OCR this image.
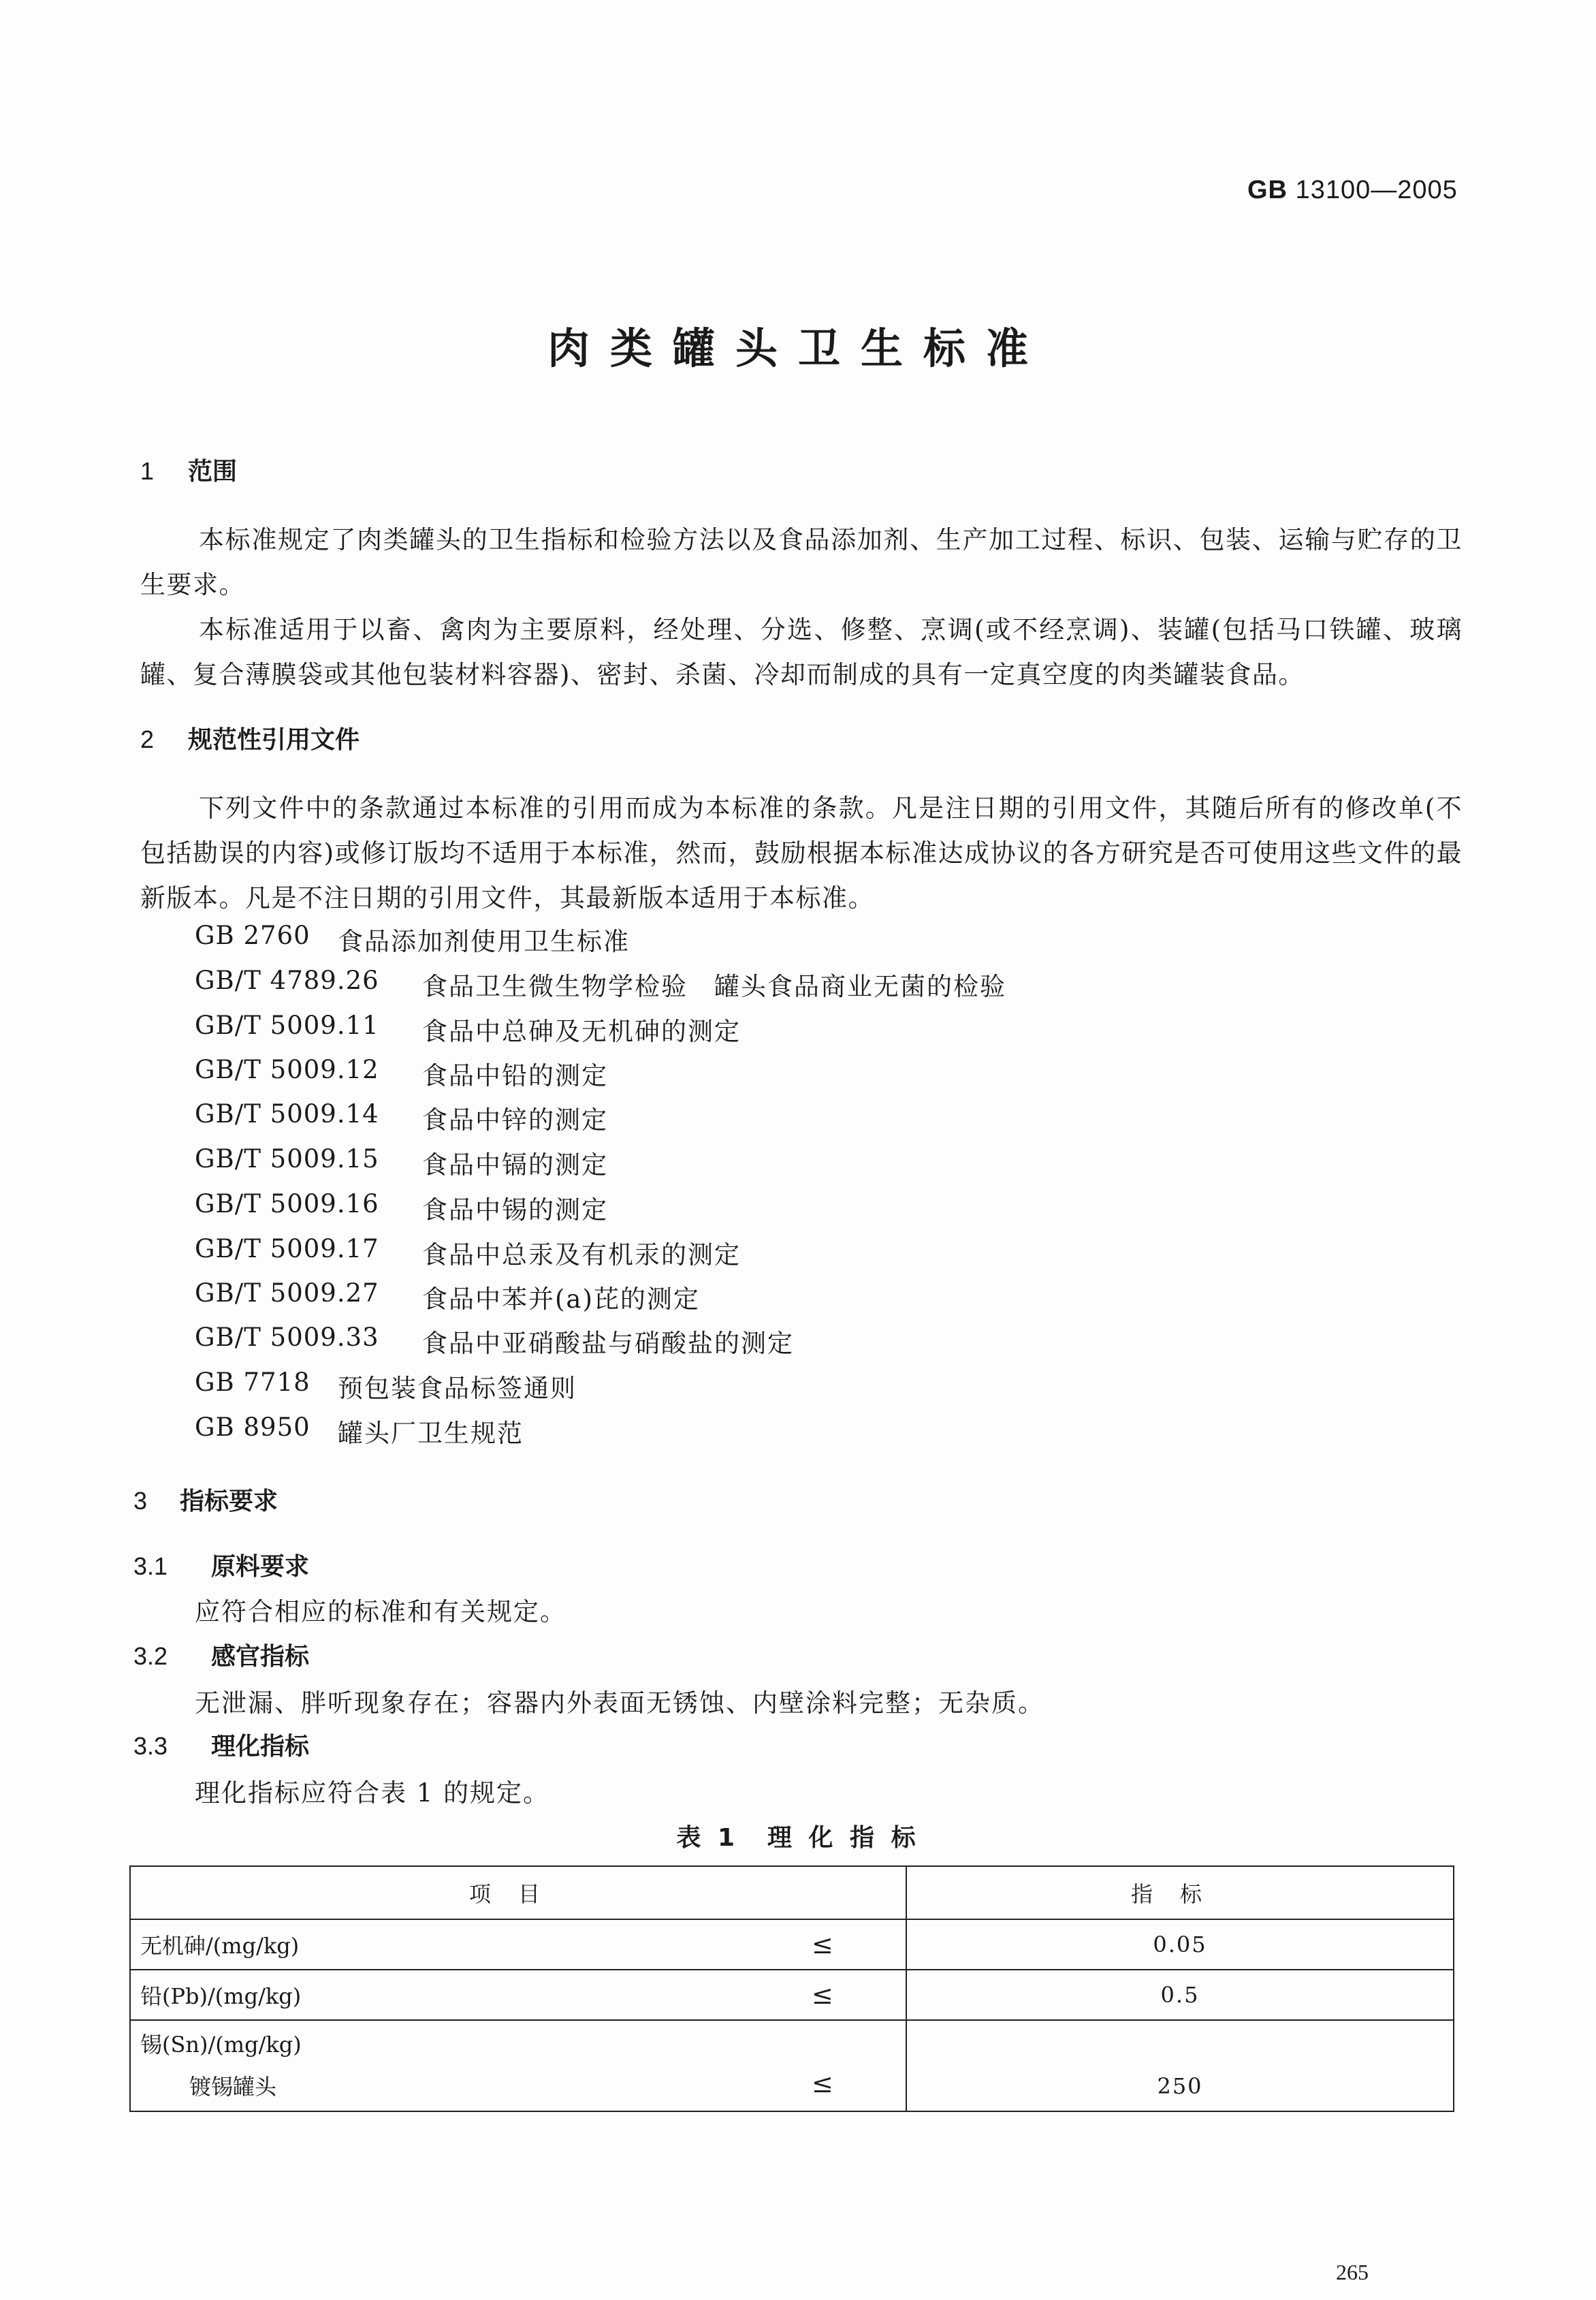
GB 13100—2005
肉类罐头卫生标准
1 范围
本标准规定了肉类罐头的卫生指标和检验方法以及食品添加剂、生产加工过程、标识、包装、运输与贮存的卫生要求。
本标准适用于以畜、禽肉为主要原料，经处理、分选、修整、烹调(或不经烹调)、装罐(包括马口铁罐、玻璃罐、复合薄膜袋或其他包装材料容器)、密封、杀菌、冷却而制成的具有一定真空度的肉类罐装食品。
2 规范性引用文件
下列文件中的条款通过本标准的引用而成为本标准的条款。凡是注日期的引用文件，其随后所有的修改单(不包括勘误的内容)或修订版均不适用于本标准，然而，鼓励根据本标准达成协议的各方研究是否可使用这些文件的最新版本。凡是不注日期的引用文件，其最新版本适用于本标准。
GB 2760 食品添加剂使用卫生标准
GB/T 4789.26 食品卫生微生物学检验　罐头食品商业无菌的检验
GB/T 5009.11 食品中总砷及无机砷的测定
GB/T 5009.12 食品中铅的测定
GB/T 5009.14 食品中锌的测定
GB/T 5009.15 食品中镉的测定
GB/T 5009.16 食品中锡的测定
GB/T 5009.17 食品中总汞及有机汞的测定
GB/T 5009.27 食品中苯并(a)芘的测定
GB/T 5009.33 食品中亚硝酸盐与硝酸盐的测定
GB 7718 预包装食品标签通则
GB 8950 罐头厂卫生规范
3 指标要求
3.1 原料要求
应符合相应的标准和有关规定。
3.2 感官指标
无泄漏、胖听现象存在；容器内外表面无锈蚀、内壁涂料完整；无杂质。
3.3 理化指标
理化指标应符合表 1 的规定。
表 1　理 化 指 标
项目	指标
无机砷/(mg/kg) ≤	0.05
铅(Pb)/(mg/kg) ≤	0.5
锡(Sn)/(mg/kg)
镀锡罐头 ≤	250
265
